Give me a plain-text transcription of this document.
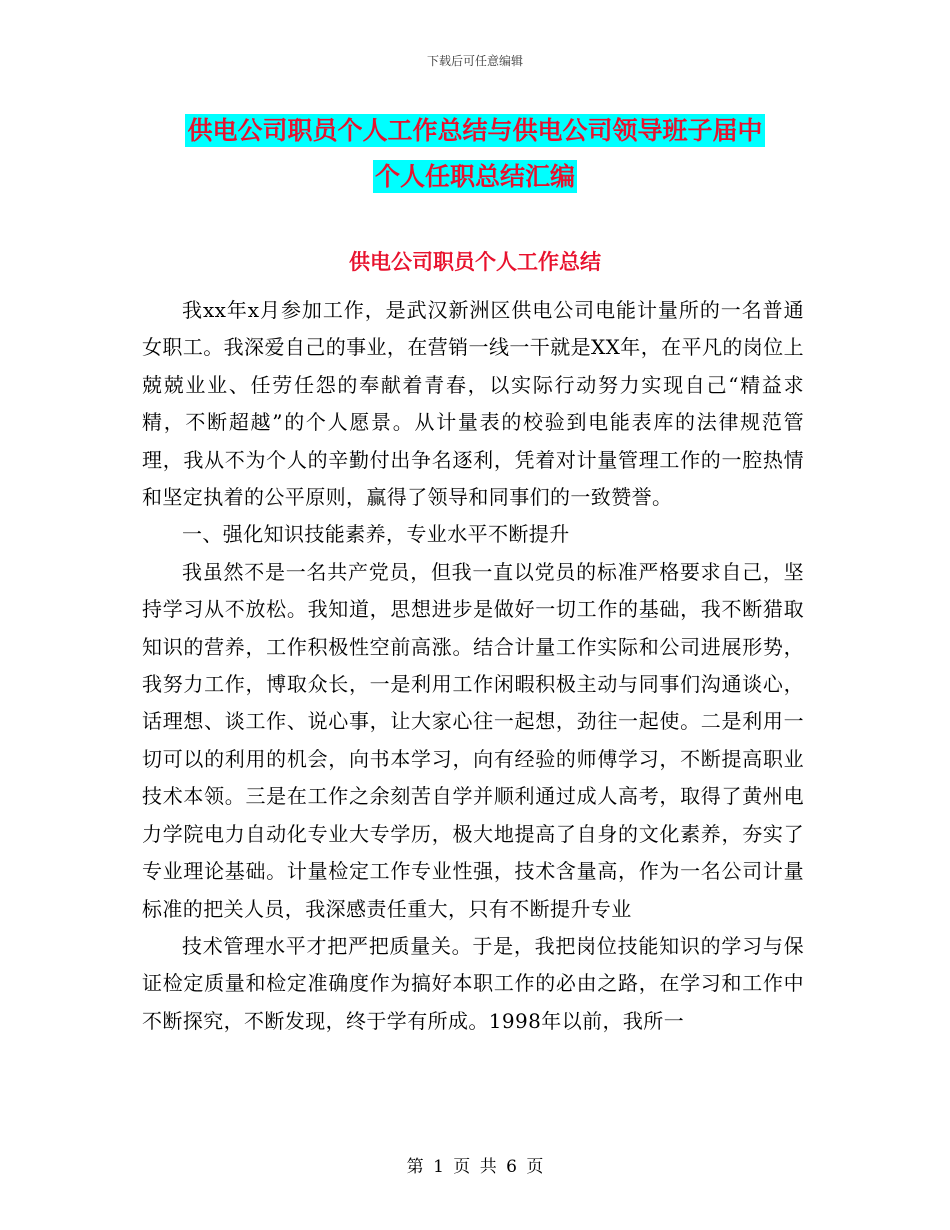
下载后可任意编辑
供电公司职员个人工作总结与供电公司领导班子届中
个人任职总结汇编
供电公司职员个人工作总结

我xx年x月参加工作，是武汉新洲区供电公司电能计量所的一名普通女职工。我深爱自己的事业，在营销一线一干就是XX年，在平凡的岗位上兢兢业业、任劳任怨的奉献着青春，以实际行动努力实现自己“精益求精，不断超越”的个人愿景。从计量表的校验到电能表库的法律规范管理，我从不为个人的辛勤付出争名逐利，凭着对计量管理工作的一腔热情和坚定执着的公平原则，赢得了领导和同事们的一致赞誉。

一、强化知识技能素养，专业水平不断提升

我虽然不是一名共产党员，但我一直以党员的标准严格要求自己，坚持学习从不放松。我知道，思想进步是做好一切工作的基础，我不断猎取知识的营养，工作积极性空前高涨。结合计量工作实际和公司进展形势，我努力工作，博取众长，一是利用工作闲暇积极主动与同事们沟通谈心，话理想、谈工作、说心事，让大家心往一起想，劲往一起使。二是利用一切可以的利用的机会，向书本学习，向有经验的师傅学习，不断提高职业技术本领。三是在工作之余刻苦自学并顺利通过成人高考，取得了黄州电力学院电力自动化专业大专学历，极大地提高了自身的文化素养，夯实了专业理论基础。计量检定工作专业性强，技术含量高，作为一名公司计量标准的把关人员，我深感责任重大，只有不断提升专业

技术管理水平才把严把质量关。于是，我把岗位技能知识的学习与保证检定质量和检定准确度作为搞好本职工作的必由之路，在学习和工作中不断探究，不断发现，终于学有所成。1998年以前，我所一

第 1 页 共 6 页
